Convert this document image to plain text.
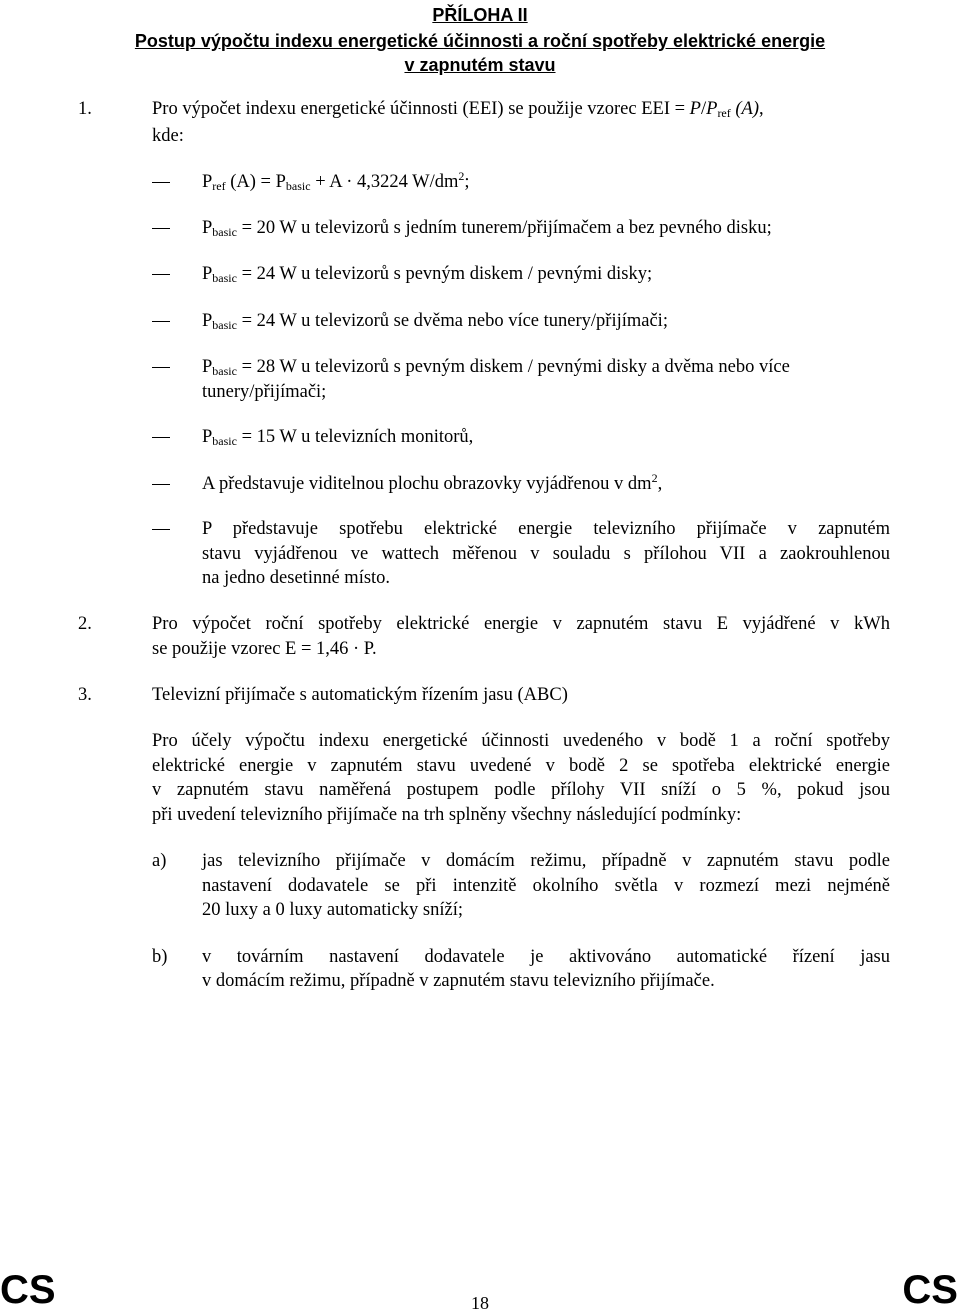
PŘÍLOHA II
Postup výpočtu indexu energetické účinnosti a roční spotřeby elektrické energie
v zapnutém stavu
1.	Pro výpočet indexu energetické účinnosti (EEI) se použije vzorec EEI = $P/P_{ref}$ (A),
kde:
$P_{ref}$ $(A) = P_{basic} + A \cdot 4,3224$ $W/dm^2$;
$P_{basic} = 20$ W u televizorů s jedním tunerem/přijímačem a bez pevného disku;
$P_{basic} = 24$ W u televizorů s pevným diskem / pevnými disky;
$P_{basic} = 24$ W u televizorů se dvěma nebo více tunery/přijímači;
$P_{basic} = 28$ W u televizorů s pevným diskem / pevnými disky a dvěma nebo více
tunery/přijímači;
$P_{basic} = 15$ W u televizních monitorů,
A představuje viditelnou plochu obrazovky vyjádřenou v $dm^2$,
P představuje spotřebu elektrické energie televizního přijímače v zapnutém
stavu vyjádřenou ve wattech měřenou v souladu s přílohou VII a zaokrouhlenou
na jedno desetinné místo.
2.	Pro výpočet roční spotřeby elektrické energie v zapnutém stavu E vyjádřené v kWh
se použije vzorec E = 1,46 · P.
3.	Televizní přijímače s automatickým řízením jasu (ABC)
Pro účely výpočtu indexu energetické účinnosti uvedeného v bodě 1 a roční spotřeby
elektrické energie v zapnutém stavu uvedené v bodě 2 se spotřeba elektrické energie
v zapnutém stavu naměřená postupem podle přílohy VII sníží o 5 %, pokud jsou
při uvedení televizního přijímače na trh splněny všechny následující podmínky:
a) jas televizního přijímače v domácím režimu, případně v zapnutém stavu podle
nastavení dodavatele se při intenzitě okolního světla v rozmezí mezi nejméně
20 luxy a 0 luxy automaticky sníží;
b) v továrním nastavení dodavatele je aktivováno automatické řízení jasu
v domácím režimu, případně v zapnutém stavu televizního přijímače.
CS	18	CS
